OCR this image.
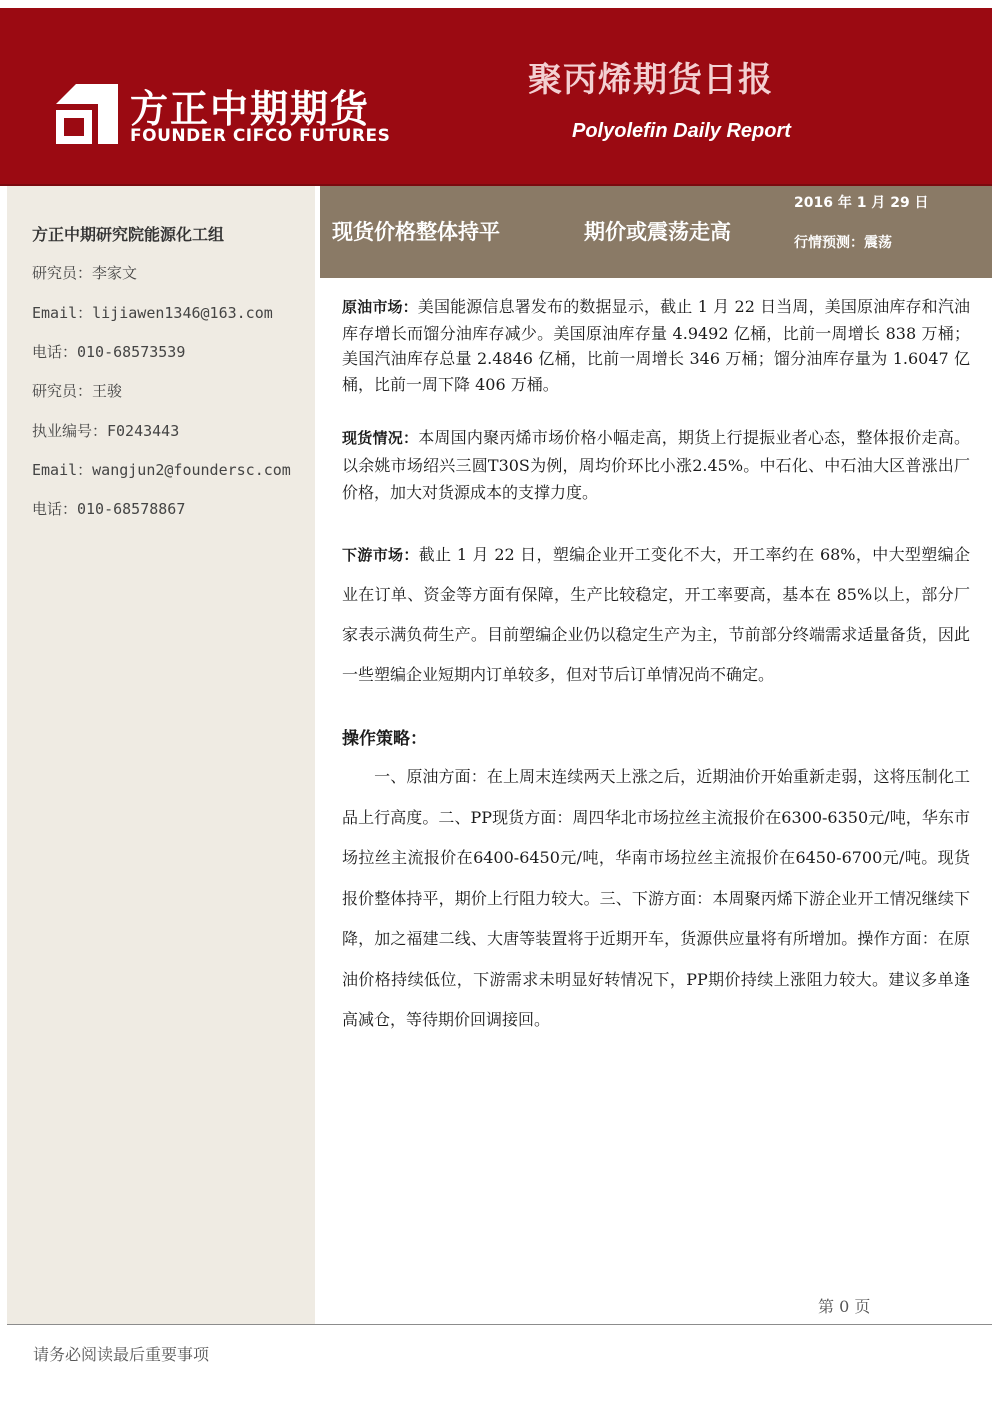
方正中期期货
FOUNDER CIFCO FUTURES
聚丙烯期货日报
Polyolefin Daily Report
方正中期研究院能源化工组
研究员：李家文
Email：lijiawen1346@163.com
电话：010-68573539
研究员：王骏
执业编号：F0243443
Email：wangjun2@foundersc.com
电话：010-68578867
现货价格整体持平	期价或震荡走高
2016 年 1 月 29 日
行情预测：震荡
原油市场：美国能源信息署发布的数据显示，截止 1 月 22 日当周，美国原油库存和汽油库存增长而馏分油库存减少。美国原油库存量 4.9492 亿桶，比前一周增长 838 万桶；美国汽油库存总量 2.4846 亿桶，比前一周增长 346 万桶；馏分油库存量为 1.6047 亿桶，比前一周下降 406 万桶。
现货情况：本周国内聚丙烯市场价格小幅走高，期货上行提振业者心态，整体报价走高。以余姚市场绍兴三圆T30S为例，周均价环比小涨2.45%。中石化、中石油大区普涨出厂价格，加大对货源成本的支撑力度。
下游市场：截止 1 月 22 日，塑编企业开工变化不大，开工率约在 68%，中大型塑编企业在订单、资金等方面有保障，生产比较稳定，开工率要高，基本在 85%以上，部分厂家表示满负荷生产。目前塑编企业仍以稳定生产为主，节前部分终端需求适量备货，因此一些塑编企业短期内订单较多，但对节后订单情况尚不确定。
操作策略：
一、原油方面：在上周末连续两天上涨之后，近期油价开始重新走弱，这将压制化工品上行高度。二、PP现货方面：周四华北市场拉丝主流报价在6300-6350元/吨，华东市场拉丝主流报价在6400-6450元/吨，华南市场拉丝主流报价在6450-6700元/吨。现货报价整体持平，期价上行阻力较大。三、下游方面：本周聚丙烯下游企业开工情况继续下降，加之福建二线、大唐等装置将于近期开车，货源供应量将有所增加。操作方面：在原油价格持续低位，下游需求未明显好转情况下，PP期价持续上涨阻力较大。建议多单逢高减仓，等待期价回调接回。
第 0 页
请务必阅读最后重要事项
